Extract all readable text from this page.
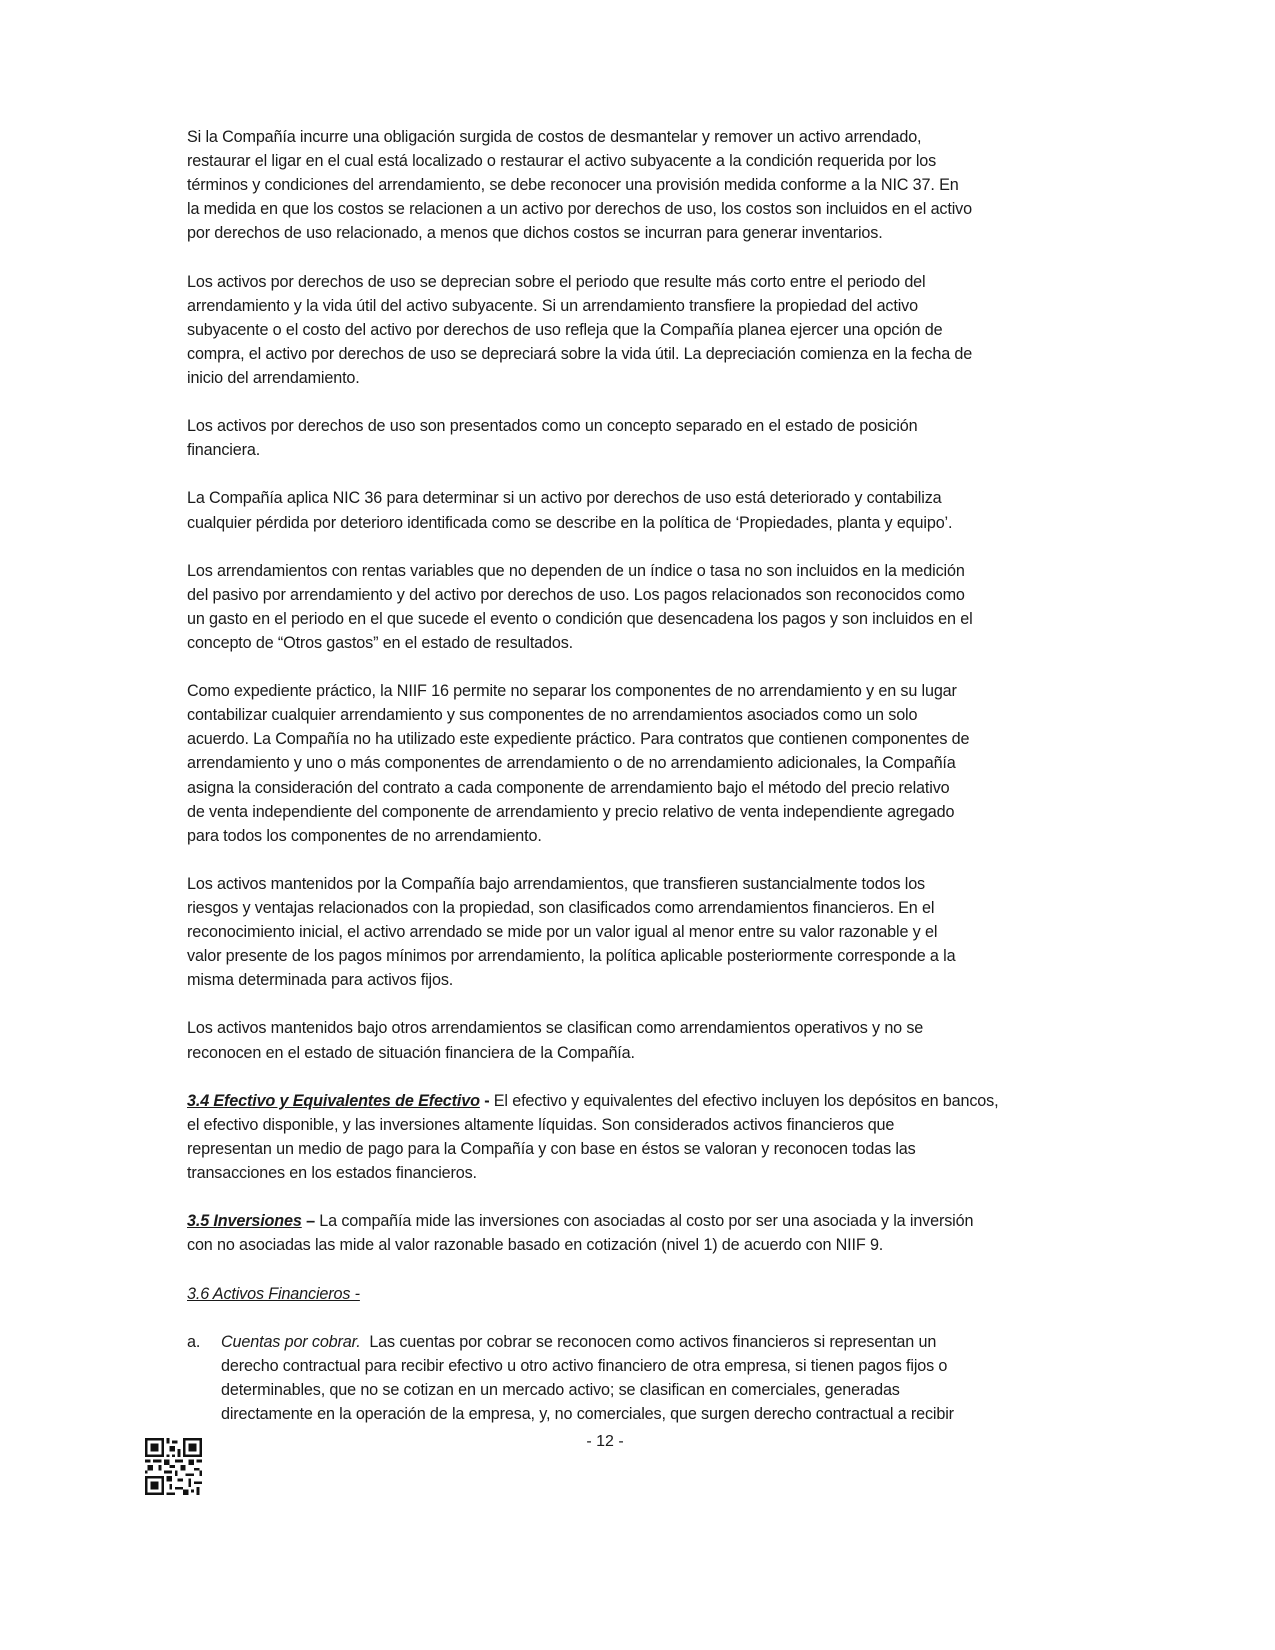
Si la Compañía incurre una obligación surgida de costos de desmantelar y remover un activo arrendado,
restaurar el ligar en el cual está localizado o restaurar el activo subyacente a la condición requerida por los
términos y condiciones del arrendamiento, se debe reconocer una provisión medida conforme a la NIC 37. En
la medida en que los costos se relacionen a un activo por derechos de uso, los costos son incluidos en el activo
por derechos de uso relacionado, a menos que dichos costos se incurran para generar inventarios.

Los activos por derechos de uso se deprecian sobre el periodo que resulte más corto entre el periodo del
arrendamiento y la vida útil del activo subyacente. Si un arrendamiento transfiere la propiedad del activo
subyacente o el costo del activo por derechos de uso refleja que la Compañía planea ejercer una opción de
compra, el activo por derechos de uso se depreciará sobre la vida útil. La depreciación comienza en la fecha de
inicio del arrendamiento.

Los activos por derechos de uso son presentados como un concepto separado en el estado de posición
financiera.

La Compañía aplica NIC 36 para determinar si un activo por derechos de uso está deteriorado y contabiliza
cualquier pérdida por deterioro identificada como se describe en la política de ‘Propiedades, planta y equipo’.

Los arrendamientos con rentas variables que no dependen de un índice o tasa no son incluidos en la medición
del pasivo por arrendamiento y del activo por derechos de uso. Los pagos relacionados son reconocidos como
un gasto en el periodo en el que sucede el evento o condición que desencadena los pagos y son incluidos en el
concepto de “Otros gastos” en el estado de resultados.

Como expediente práctico, la NIIF 16 permite no separar los componentes de no arrendamiento y en su lugar
contabilizar cualquier arrendamiento y sus componentes de no arrendamientos asociados como un solo
acuerdo. La Compañía no ha utilizado este expediente práctico. Para contratos que contienen componentes de
arrendamiento y uno o más componentes de arrendamiento o de no arrendamiento adicionales, la Compañía
asigna la consideración del contrato a cada componente de arrendamiento bajo el método del precio relativo
de venta independiente del componente de arrendamiento y precio relativo de venta independiente agregado
para todos los componentes de no arrendamiento.

Los activos mantenidos por la Compañía bajo arrendamientos, que transfieren sustancialmente todos los
riesgos y ventajas relacionados con la propiedad, son clasificados como arrendamientos financieros. En el
reconocimiento inicial, el activo arrendado se mide por un valor igual al menor entre su valor razonable y el
valor presente de los pagos mínimos por arrendamiento, la política aplicable posteriormente corresponde a la
misma determinada para activos fijos.

Los activos mantenidos bajo otros arrendamientos se clasifican como arrendamientos operativos y no se
reconocen en el estado de situación financiera de la Compañía.

3.4 Efectivo y Equivalentes de Efectivo - El efectivo y equivalentes del efectivo incluyen los depósitos en bancos,
el efectivo disponible, y las inversiones altamente líquidas. Son considerados activos financieros que
representan un medio de pago para la Compañía y con base en éstos se valoran y reconocen todas las
transacciones en los estados financieros.

3.5 Inversiones – La compañía mide las inversiones con asociadas al costo por ser una asociada y la inversión
con no asociadas las mide al valor razonable basado en cotización (nivel 1) de acuerdo con NIIF 9.

3.6 Activos Financieros -

a. Cuentas por cobrar.  Las cuentas por cobrar se reconocen como activos financieros si representan un
derecho contractual para recibir efectivo u otro activo financiero de otra empresa, si tienen pagos fijos o
determinables, que no se cotizan en un mercado activo; se clasifican en comerciales, generadas
directamente en la operación de la empresa, y, no comerciales, que surgen derecho contractual a recibir
- 12 -
